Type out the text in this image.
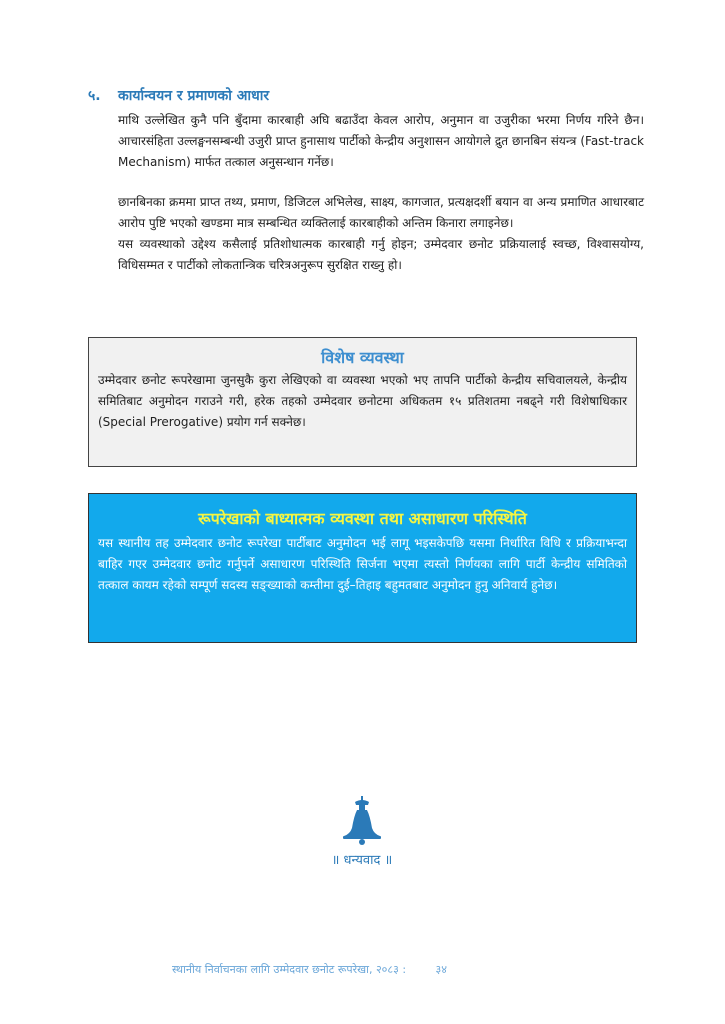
५.	कार्यान्वयन र प्रमाणको आधार

माथि उल्लेखित कुनै पनि बुँदामा कारबाही अघि बढाउँदा केवल आरोप, अनुमान वा उजुरीका भरमा निर्णय गरिने छैन। आचारसंहिता उल्लङ्घनसम्बन्धी उजुरी प्राप्त हुनासाथ पार्टीको केन्द्रीय अनुशासन आयोगले द्रुत छानबिन संयन्त्र (Fast-track Mechanism) मार्फत तत्काल अनुसन्धान गर्नेछ।

छानबिनका क्रममा प्राप्त तथ्य, प्रमाण, डिजिटल अभिलेख, साक्ष्य, कागजात, प्रत्यक्षदर्शी बयान वा अन्य प्रमाणित आधारबाट आरोप पुष्टि भएको खण्डमा मात्र सम्बन्धित व्यक्तिलाई कारबाहीको अन्तिम किनारा लगाइनेछ।

यस व्यवस्थाको उद्देश्य कसैलाई प्रतिशोधात्मक कारबाही गर्नु होइन; उम्मेदवार छनोट प्रक्रियालाई स्वच्छ, विश्वासयोग्य, विधिसम्मत र पार्टीको लोकतान्त्रिक चरित्रअनुरूप सुरक्षित राख्नु हो।

विशेष व्यवस्था

उम्मेदवार छनोट रूपरेखामा जुनसुकै कुरा लेखिएको वा व्यवस्था भएको भए तापनि पार्टीको केन्द्रीय सचिवालयले, केन्द्रीय समितिबाट अनुमोदन गराउने गरी, हरेक तहको उम्मेदवार छनोटमा अधिकतम १५ प्रतिशतमा नबढ्ने गरी विशेषाधिकार (Special Prerogative) प्रयोग गर्न सक्नेछ।

रूपरेखाको बाध्यात्मक व्यवस्था तथा असाधारण परिस्थिति

यस स्थानीय तह उम्मेदवार छनोट रूपरेखा पार्टीबाट अनुमोदन भई लागू भइसकेपछि यसमा निर्धारित विधि र प्रक्रियाभन्दा बाहिर गएर उम्मेदवार छनोट गर्नुपर्ने असाधारण परिस्थिति सिर्जना भएमा त्यस्तो निर्णयका लागि पार्टी केन्द्रीय समितिको तत्काल कायम रहेको सम्पूर्ण सदस्य सङ्ख्याको कम्तीमा दुई–तिहाइ बहुमतबाट अनुमोदन हुनु अनिवार्य हुनेछ।

॥ धन्यवाद ॥
स्थानीय निर्वाचनका लागि उम्मेदवार छनोट रूपरेखा, २०८३ :	३४
